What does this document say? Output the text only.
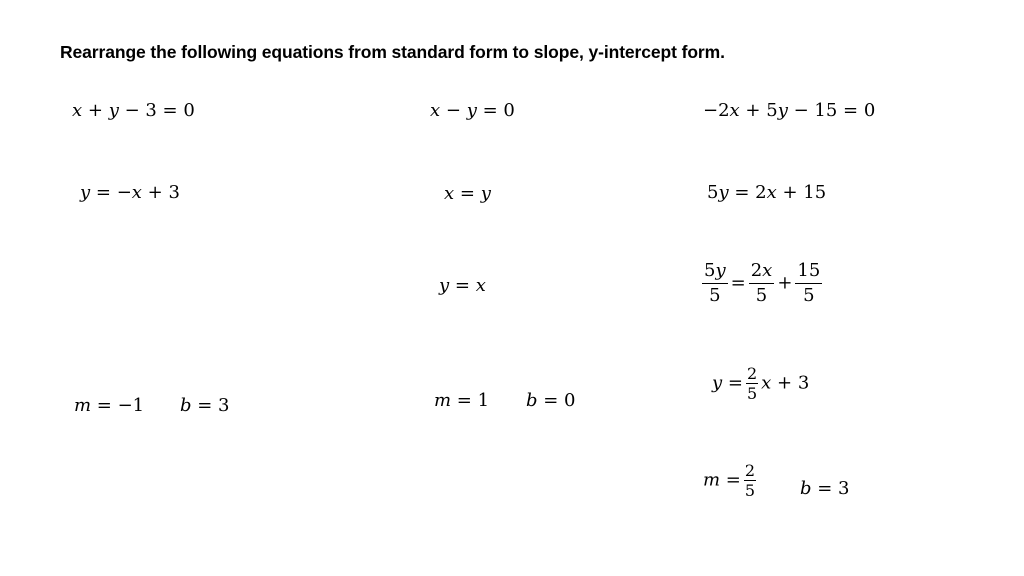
Rearrange the following equations from standard form to slope, y-intercept form.
x + y − 3 = 0
y = −x + 3
m = −1 b = 3
x − y = 0
x = y
y = x
m = 1 b = 0
−2x + 5y − 15 = 0
5y = 2x + 15
$\frac{5y}{5} = \frac{2x}{5} + \frac{15}{5}$
$y = \frac{2}{5}$ x + 3
$m = \frac{2}{5}$ b = 3
